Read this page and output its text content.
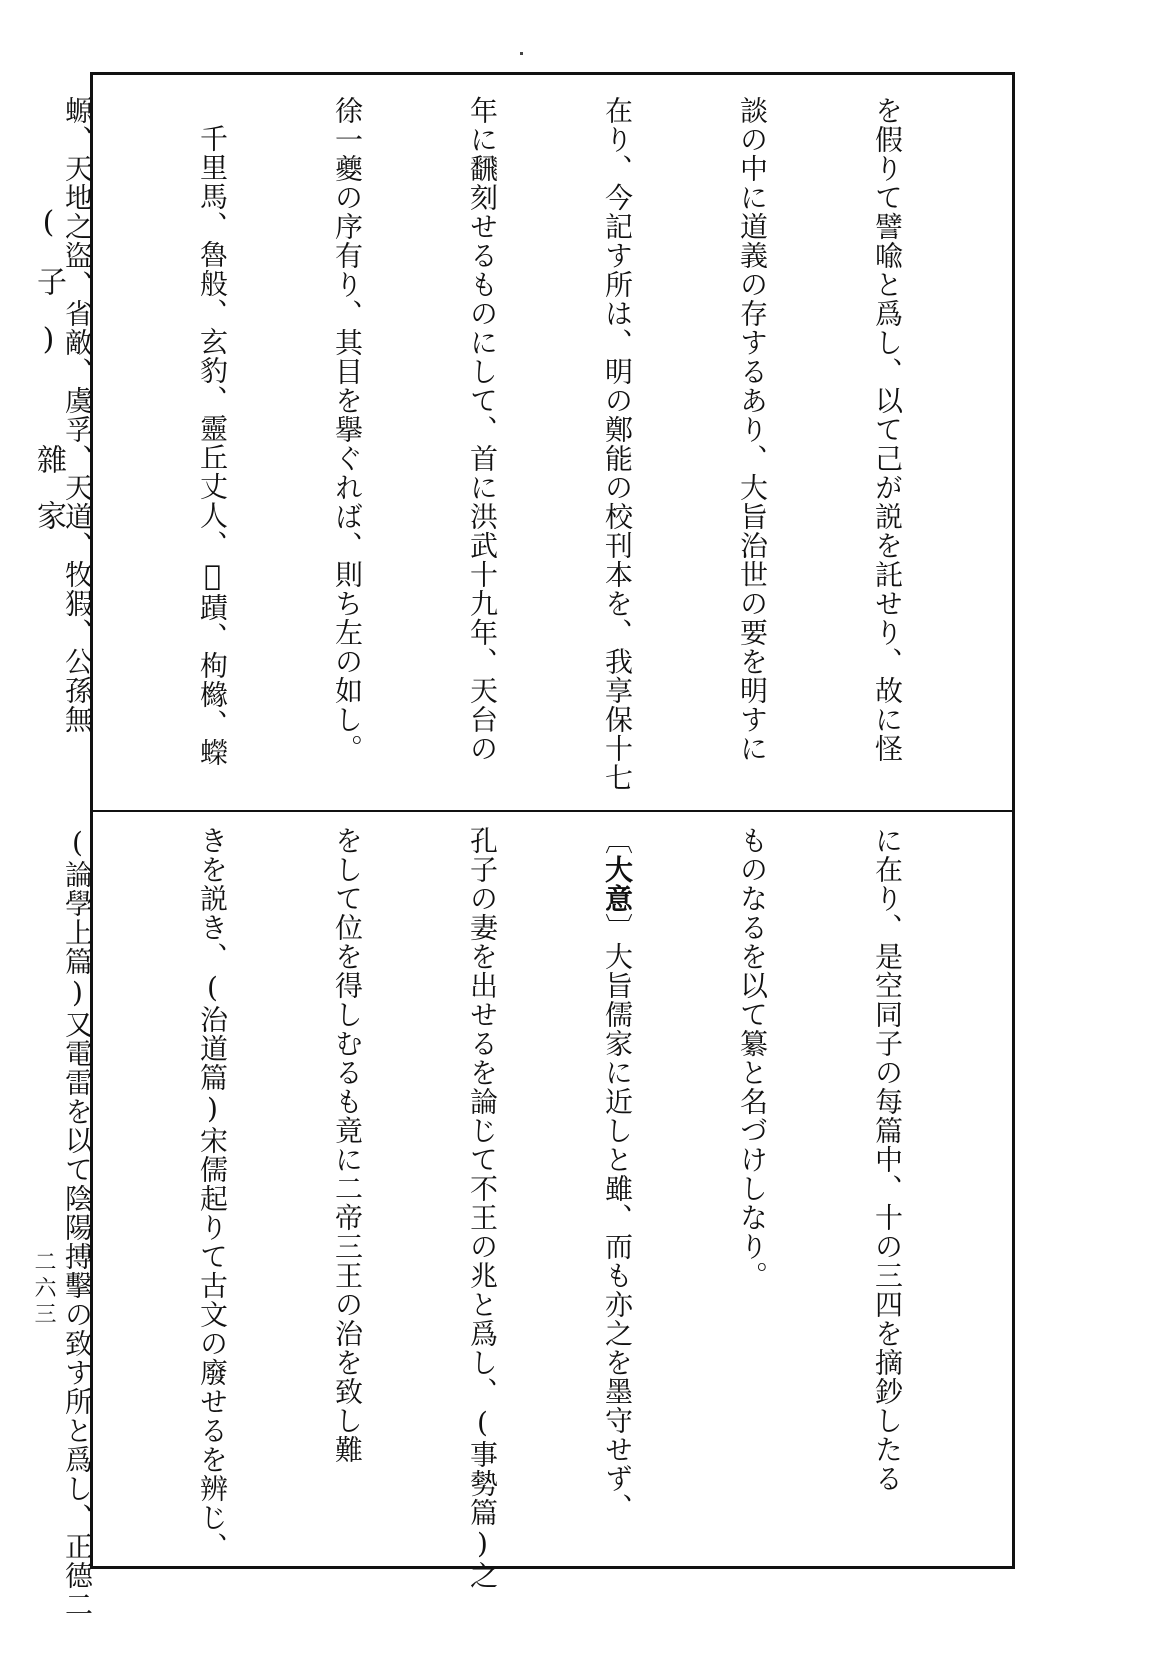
(子) 雜家
二六三

を假りて譬喩と爲し、以て己が説を託せり、故に怪

談の中に道義の存するあり、大旨治世の要を明すに

在り、今記す所は、明の鄭能の校刊本を、我享保十七

年に飜刻せるものにして、首に洪武十九年、天台の

徐一夔の序有り、其目を擧ぐれば、則ち左の如し。

千里馬、魯般、玄豹、靈丘丈人、𨽾蹟、枸櫞、蠑

螈、天地之盜、省敵、虞孚、天道、牧猳、公孫無

に在り、是空同子の每篇中、十の三四を摘鈔したる

ものなるを以て纂と名づけしなり。

〔大意〕大旨儒家に近しと雖、而も亦之を墨守せず、

孔子の妻を出せるを論じて不王の兆と爲し、(事勢篇)之

をして位を得しむるも竟に二帝三王の治を致し難

きを説き、(治道篇)宋儒起りて古文の廢せるを辨じ、

(論學上篇)又電雷を以て陰陽搏擊の致す所と爲し、正德二
